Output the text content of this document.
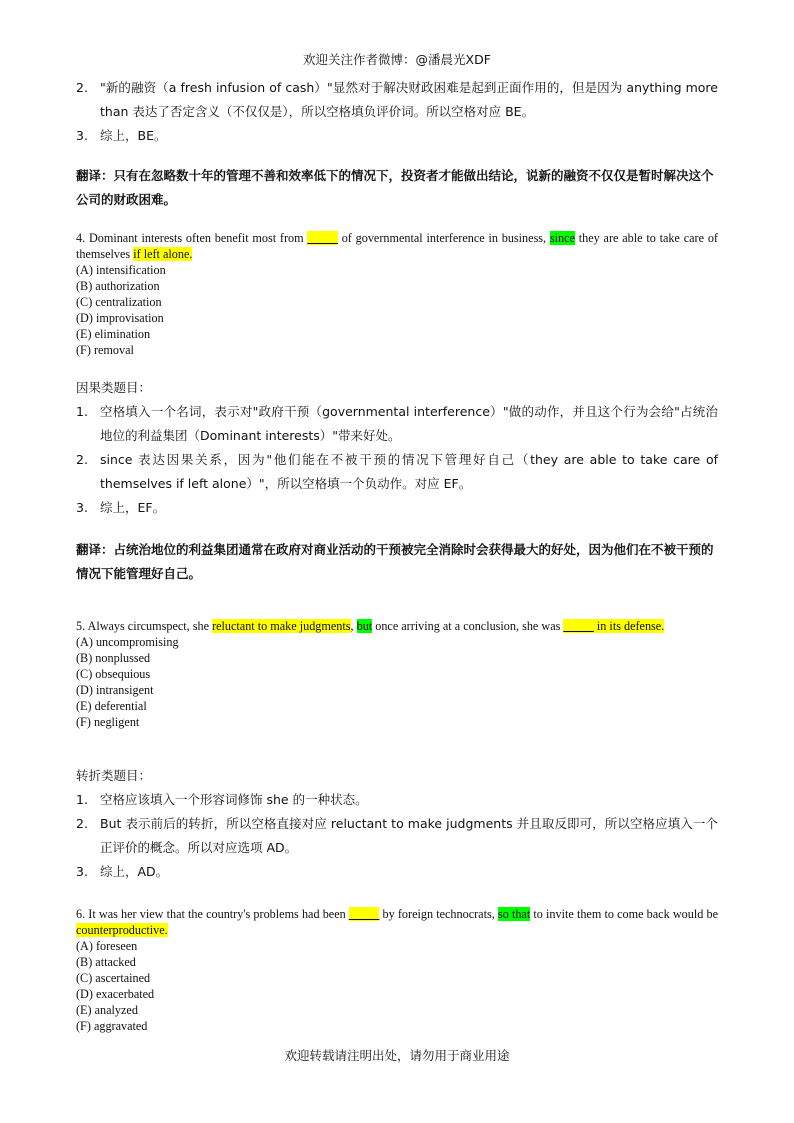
欢迎关注作者微博：@潘晨光XDF
2. "新的融资（a fresh infusion of cash）"显然对于解决财政困难是起到正面作用的，但是因为 anything more than 表达了否定含义（不仅仅是），所以空格填负评价词。所以空格对应 BE。
3. 综上，BE。
翻译：只有在忽略数十年的管理不善和效率低下的情况下，投资者才能做出结论，说新的融资不仅仅是暂时解决这个公司的财政困难。
4. Dominant interests often benefit most from _____ of governmental interference in business, since they are able to take care of themselves if left alone.
(A) intensification
(B) authorization
(C) centralization
(D) improvisation
(E) elimination
(F) removal
因果类题目：
1. 空格填入一个名词，表示对"政府干预（governmental interference）"做的动作，并且这个行为会给"占统治地位的利益集团（Dominant interests）"带来好处。
2. since 表达因果关系，因为"他们能在不被干预的情况下管理好自己（they are able to take care of themselves if left alone）"，所以空格填一个负动作。对应 EF。
3. 综上，EF。
翻译：占统治地位的利益集团通常在政府对商业活动的干预被完全消除时会获得最大的好处，因为他们在不被干预的情况下能管理好自己。
5. Always circumspect, she reluctant to make judgments, but once arriving at a conclusion, she was _____ in its defense.
(A) uncompromising
(B) nonplussed
(C) obsequious
(D) intransigent
(E) deferential
(F) negligent
转折类题目：
1. 空格应该填入一个形容词修饰 she 的一种状态。
2. But 表示前后的转折，所以空格直接对应 reluctant to make judgments 并且取反即可，所以空格应填入一个正评价的概念。所以对应选项 AD。
3. 综上，AD。
6. It was her view that the country's problems had been _____ by foreign technocrats, so that to invite them to come back would be counterproductive.
(A) foreseen
(B) attacked
(C) ascertained
(D) exacerbated
(E) analyzed
(F) aggravated
欢迎转载请注明出处，请勿用于商业用途
